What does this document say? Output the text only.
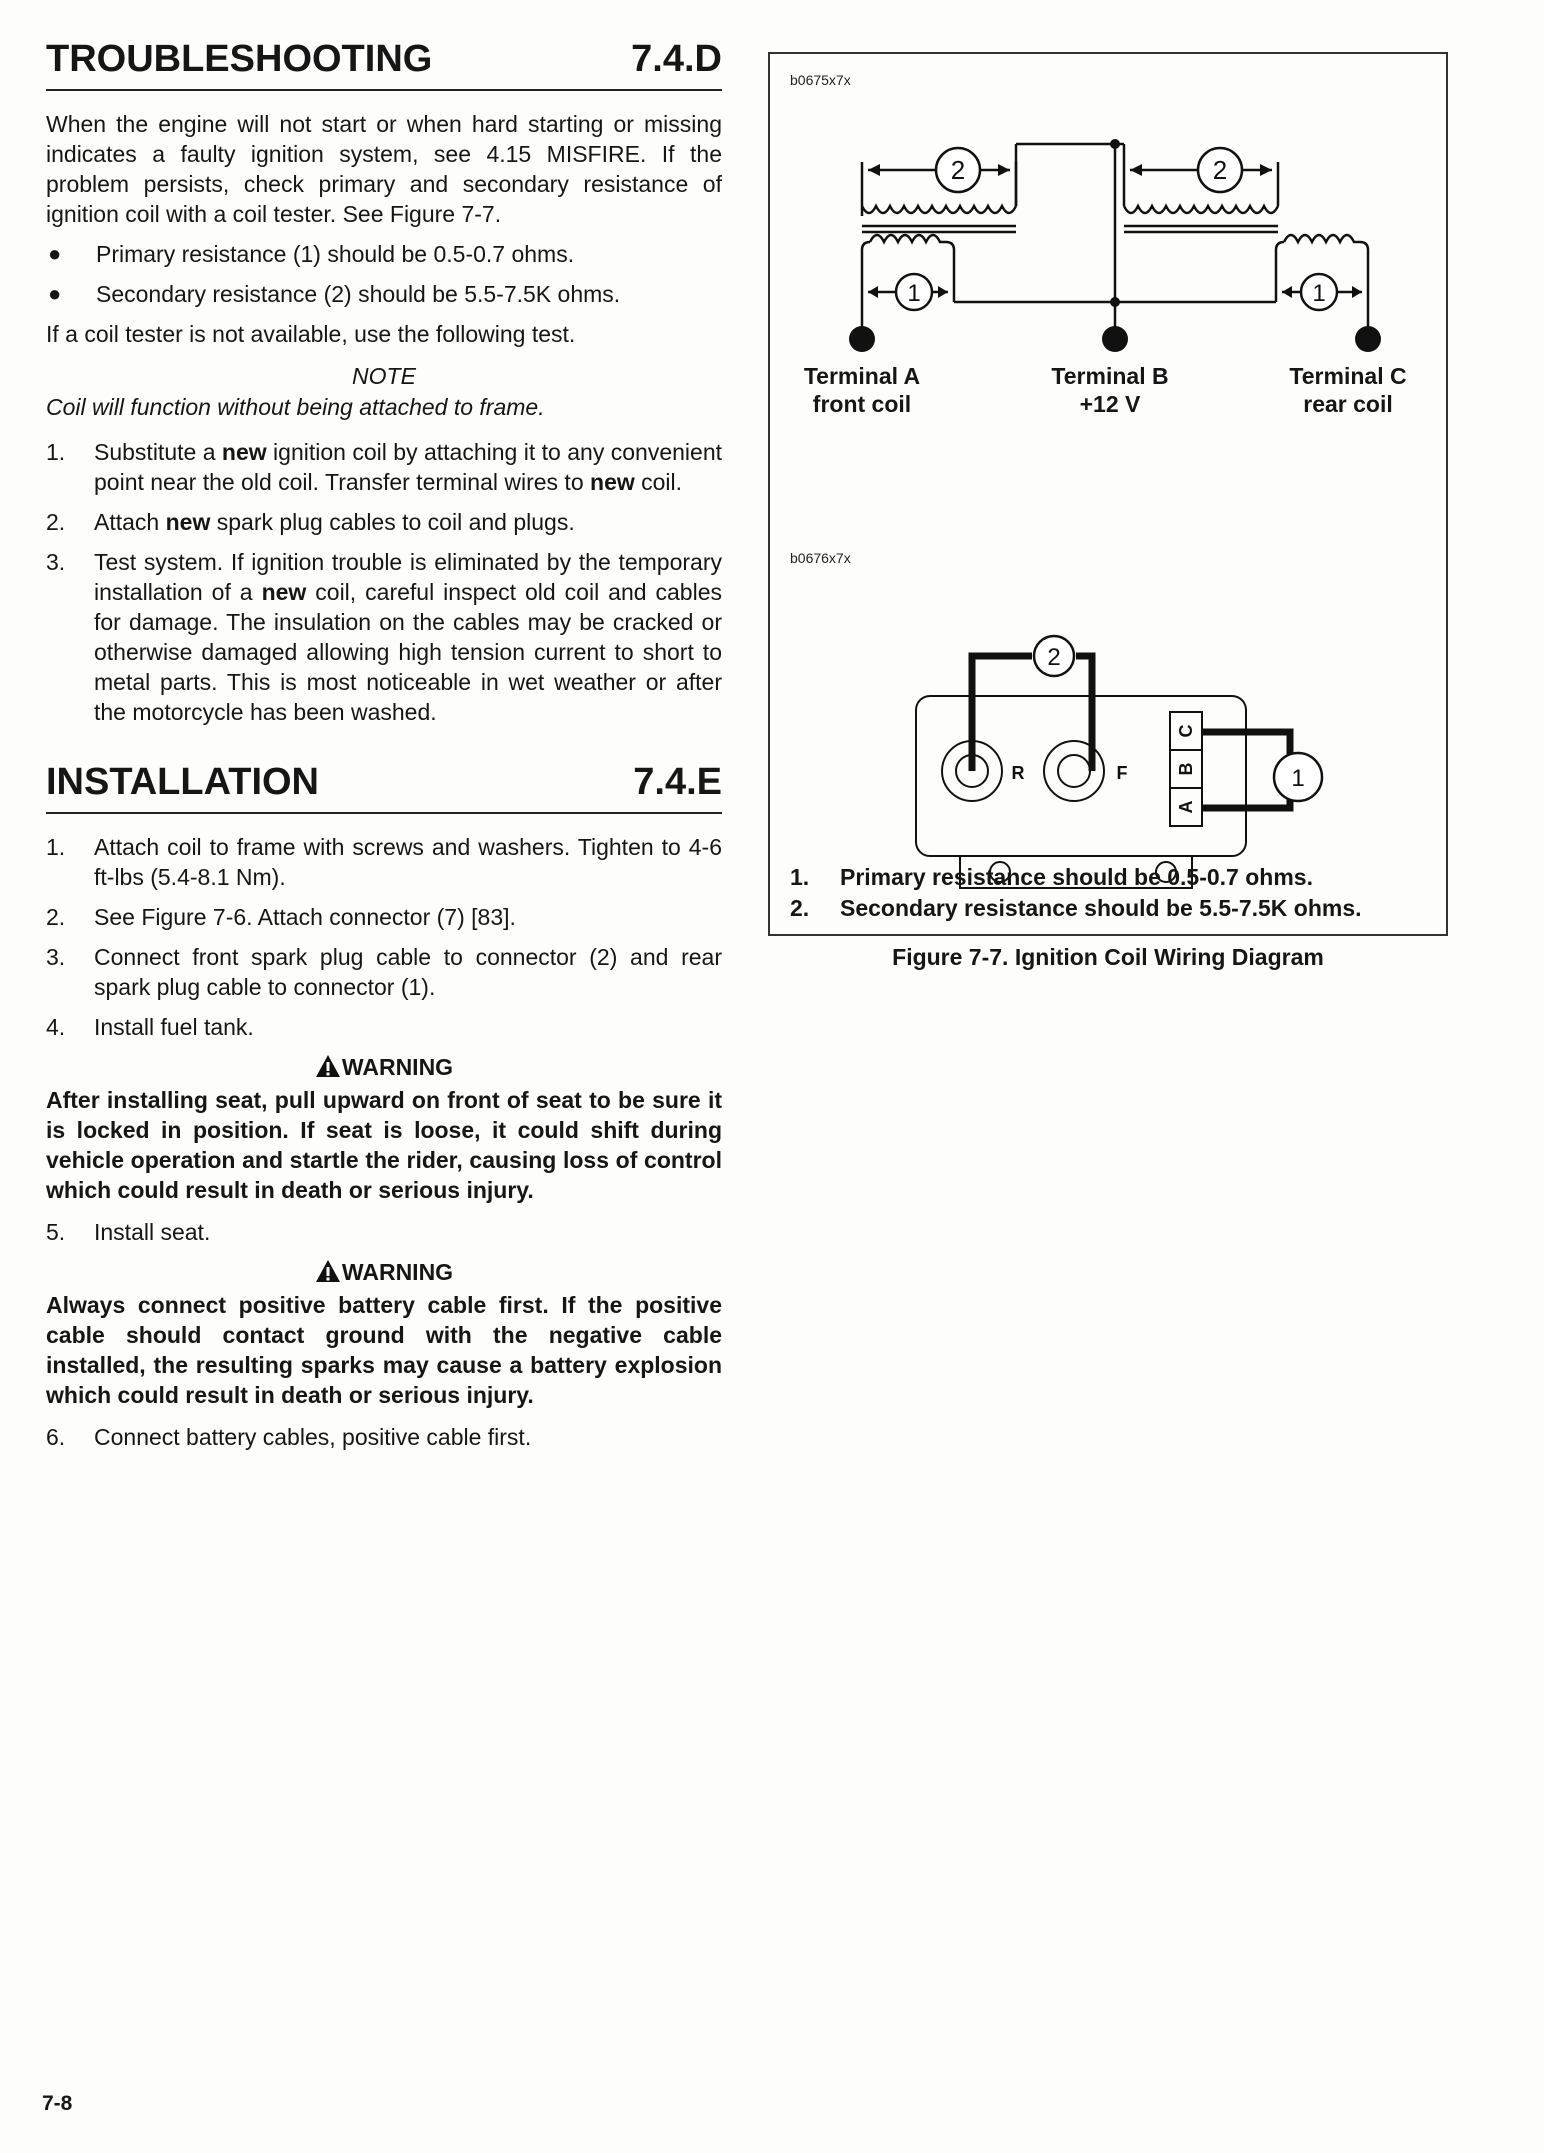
TROUBLESHOOTING	7.4.D

When the engine will not start or when hard starting or missing indicates a faulty ignition system, see 4.15 MISFIRE. If the problem persists, check primary and secondary resistance of ignition coil with a coil tester. See Figure 7-7.

●	Primary resistance (1) should be 0.5-0.7 ohms.
●	Secondary resistance (2) should be 5.5-7.5K ohms.

If a coil tester is not available, use the following test.

NOTE
Coil will function without being attached to frame.
1.	Substitute a new ignition coil by attaching it to any convenient point near the old coil. Transfer terminal wires to new coil.
2.	Attach new spark plug cables to coil and plugs.
3.	Test system. If ignition trouble is eliminated by the temporary installation of a new coil, careful inspect old coil and cables for damage. The insulation on the cables may be cracked or otherwise damaged allowing high tension current to short to metal parts. This is most noticeable in wet weather or after the motorcycle has been washed.
INSTALLATION	7.4.E
1.	Attach coil to frame with screws and washers. Tighten to 4-6 ft-lbs (5.4-8.1 Nm).
2.	See Figure 7-6. Attach connector (7) [83].
3.	Connect front spark plug cable to connector (2) and rear spark plug cable to connector (1).
4.	Install fuel tank.
WARNING
After installing seat, pull upward on front of seat to be sure it is locked in position. If seat is loose, it could shift during vehicle operation and startle the rider, causing loss of control which could result in death or serious injury.
5.	Install seat.
WARNING
Always connect positive battery cable first. If the positive cable should contact ground with the negative cable installed, the resulting sparks may cause a battery explosion which could result in death or serious injury.
6.	Connect battery cables, positive cable first.
b0675x7x
2	2
1	1
Terminal A
front coil
Terminal B
+12 V
Terminal C
rear coil
b0676x7x
2
1
R	F
C
B
A
1.	Primary resistance should be 0.5-0.7 ohms.
2.	Secondary resistance should be 5.5-7.5K ohms.
Figure 7-7. Ignition Coil Wiring Diagram
7-8
